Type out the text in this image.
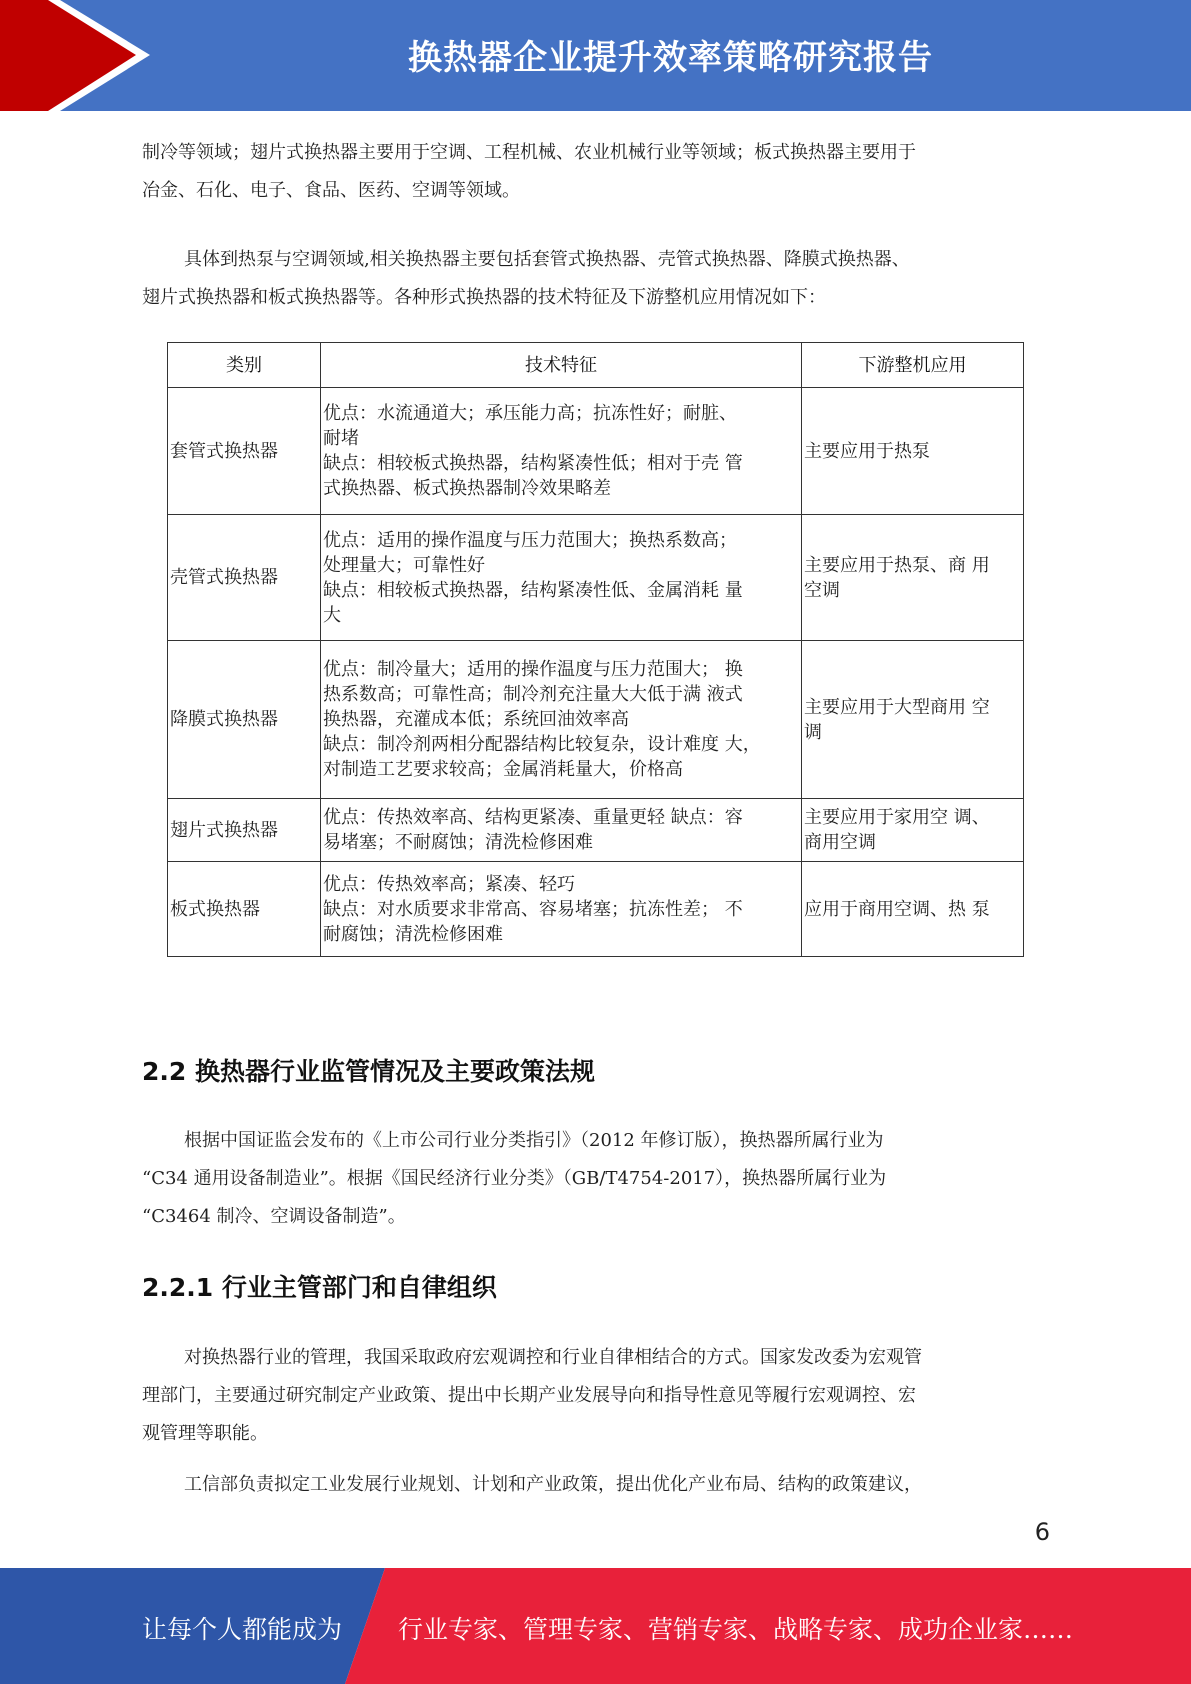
换热器企业提升效率策略研究报告

制冷等领域；翅片式换热器主要用于空调、工程机械、农业机械行业等领域；板式换热器主要用于
冶金、石化、电子、食品、医药、空调等领域。

具体到热泵与空调领域,相关换热器主要包括套管式换热器、壳管式换热器、降膜式换热器、
翅片式换热器和板式换热器等。各种形式换热器的技术特征及下游整机应用情况如下：

类别	技术特征	下游整机应用
套管式换热器	优点：水流通道大；承压能力高；抗冻性好；耐脏、
耐堵
缺点：相较板式换热器，结构紧凑性低；相对于壳 管
式换热器、板式换热器制冷效果略差	主要应用于热泵

壳管式换热器	优点：适用的操作温度与压力范围大；换热系数高；
处理量大；可靠性好
缺点：相较板式换热器，结构紧凑性低、金属消耗 量
大	主要应用于热泵、商 用
空调

降膜式换热器	优点：制冷量大；适用的操作温度与压力范围大； 换
热系数高；可靠性高；制冷剂充注量大大低于满 液式
换热器，充灌成本低；系统回油效率高
缺点：制冷剂两相分配器结构比较复杂，设计难度 大，
对制造工艺要求较高；金属消耗量大，价格高	主要应用于大型商用 空
调

翅片式换热器	优点：传热效率高、结构更紧凑、重量更轻 缺点：容
易堵塞；不耐腐蚀；清洗检修困难	主要应用于家用空 调、
商用空调

板式换热器	优点：传热效率高；紧凑、轻巧
缺点：对水质要求非常高、容易堵塞；抗冻性差； 不
耐腐蚀；清洗检修困难	应用于商用空调、热 泵
2.2 换热器行业监管情况及主要政策法规

根据中国证监会发布的《上市公司行业分类指引》（2012 年修订版），换热器所属行业为
“C34 通用设备制造业”。根据《国民经济行业分类》（GB/T4754-2017），换热器所属行业为
“C3464 制冷、空调设备制造”。

2.2.1 行业主管部门和自律组织

对换热器行业的管理，我国采取政府宏观调控和行业自律相结合的方式。国家发改委为宏观管
理部门，主要通过研究制定产业政策、提出中长期产业发展导向和指导性意见等履行宏观调控、宏
观管理等职能。

工信部负责拟定工业发展行业规划、计划和产业政策，提出优化产业布局、结构的政策建议，

6
让每个人都能成为 行业专家、管理专家、营销专家、战略专家、成功企业家……
